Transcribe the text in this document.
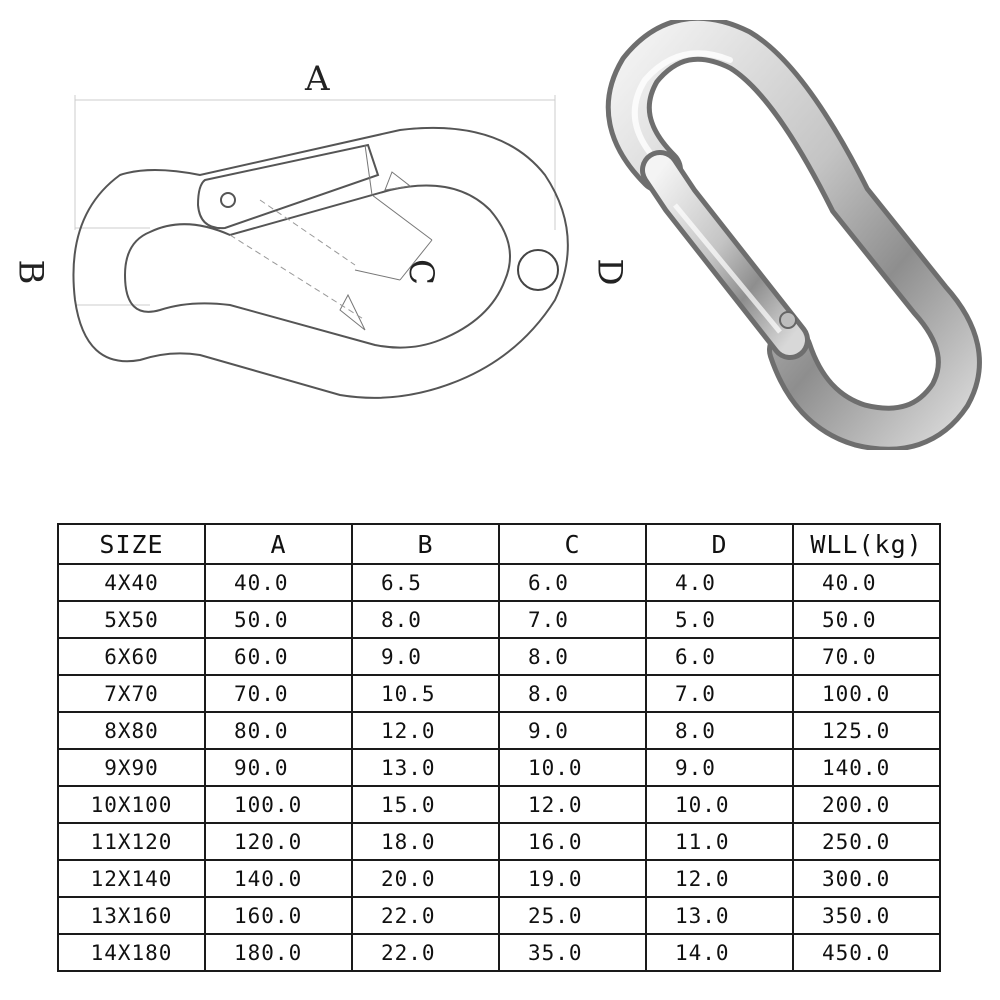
A
B	C	D
SIZE	A	B	C	D	WLL(kg)
4X40	40.0	6.5	6.0	4.0	40.0
5X50	50.0	8.0	7.0	5.0	50.0
6X60	60.0	9.0	8.0	6.0	70.0
7X70	70.0	10.5	8.0	7.0	100.0
8X80	80.0	12.0	9.0	8.0	125.0
9X90	90.0	13.0	10.0	9.0	140.0
10X100	100.0	15.0	12.0	10.0	200.0
11X120	120.0	18.0	16.0	11.0	250.0
12X140	140.0	20.0	19.0	12.0	300.0
13X160	160.0	22.0	25.0	13.0	350.0
14X180	180.0	22.0	35.0	14.0	450.0
